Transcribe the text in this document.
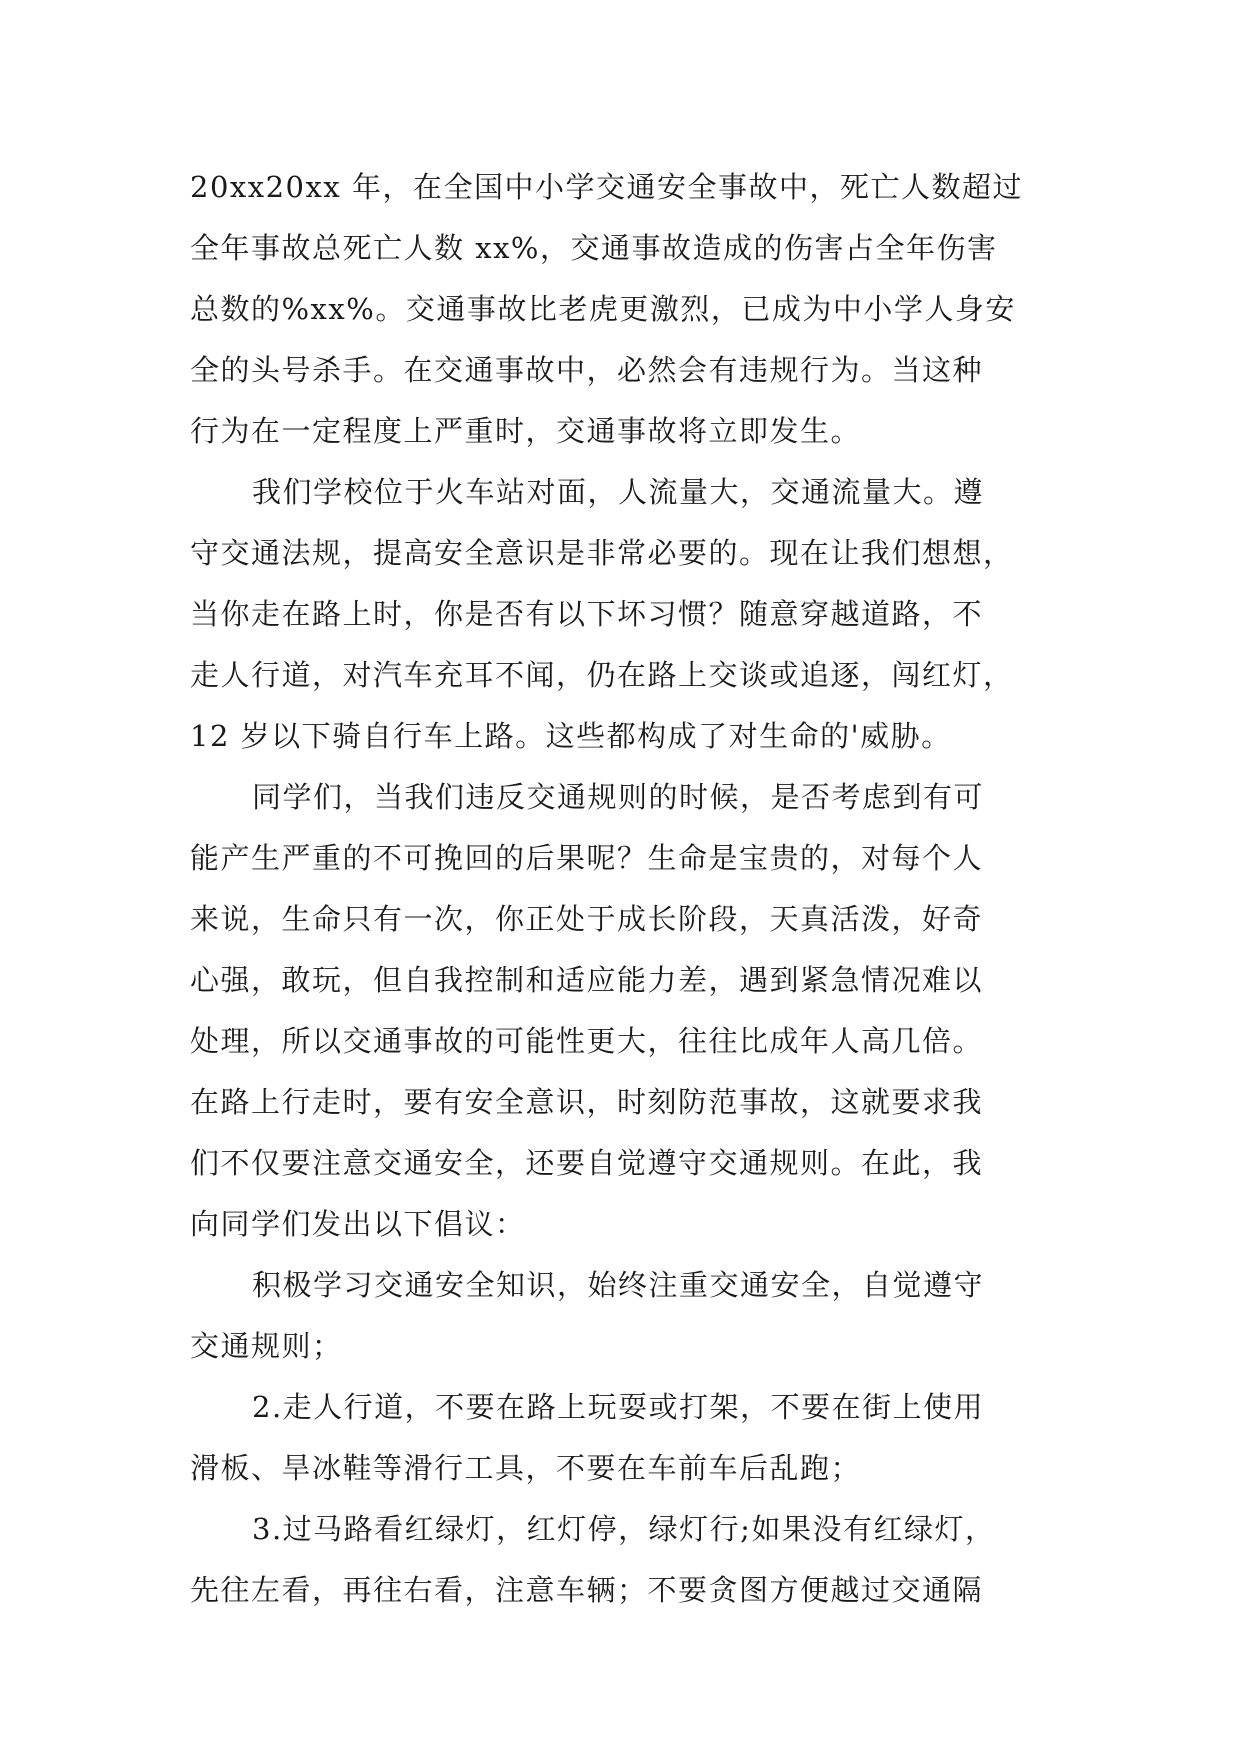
20xx20xx 年，在全国中小学交通安全事故中，死亡人数超过
全年事故总死亡人数 xx%，交通事故造成的伤害占全年伤害
总数的%xx%。交通事故比老虎更激烈，已成为中小学人身安
全的头号杀手。在交通事故中，必然会有违规行为。当这种
行为在一定程度上严重时，交通事故将立即发生。
我们学校位于火车站对面，人流量大，交通流量大。遵
守交通法规，提高安全意识是非常必要的。现在让我们想想，
当你走在路上时，你是否有以下坏习惯？随意穿越道路，不
走人行道，对汽车充耳不闻，仍在路上交谈或追逐，闯红灯，
12 岁以下骑自行车上路。这些都构成了对生命的'威胁。
同学们，当我们违反交通规则的时候，是否考虑到有可
能产生严重的不可挽回的后果呢？生命是宝贵的，对每个人
来说，生命只有一次，你正处于成长阶段，天真活泼，好奇
心强，敢玩，但自我控制和适应能力差，遇到紧急情况难以
处理，所以交通事故的可能性更大，往往比成年人高几倍。
在路上行走时，要有安全意识，时刻防范事故，这就要求我
们不仅要注意交通安全，还要自觉遵守交通规则。在此，我
向同学们发出以下倡议：
积极学习交通安全知识，始终注重交通安全，自觉遵守
交通规则；
2.走人行道，不要在路上玩耍或打架，不要在街上使用
滑板、旱冰鞋等滑行工具，不要在车前车后乱跑；
3.过马路看红绿灯，红灯停，绿灯行;如果没有红绿灯，
先往左看，再往右看，注意车辆；不要贪图方便越过交通隔
